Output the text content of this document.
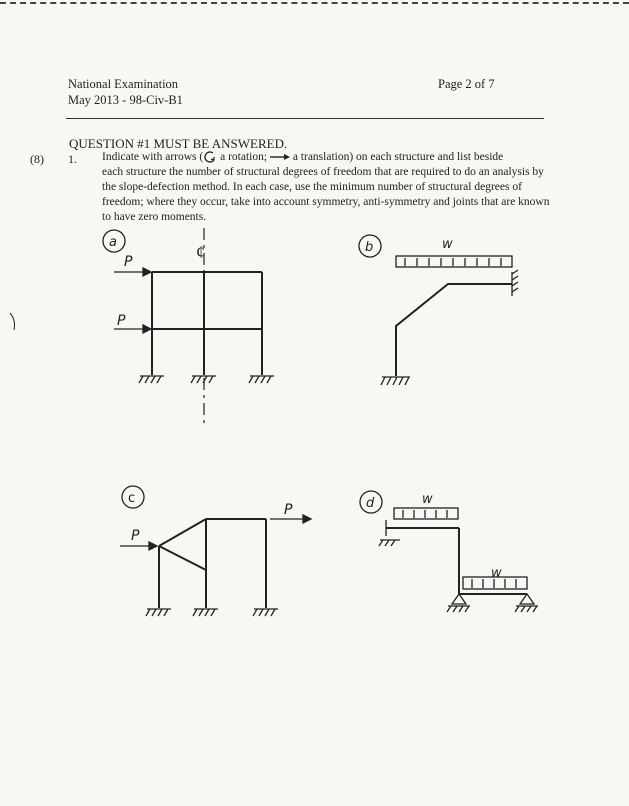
National Examination
May 2013 - 98-Civ-B1
Page 2 of 7
QUESTION #1 MUST BE ANSWERED.
(8) 1. Indicate with arrows ( a rotation;  a translation) on each structure and list beside
each structure the number of structural degrees of freedom that are required to do an analysis by the slope-defection method. In each case, use the minimum number of structural degrees of freedom; where they occur, take into account symmetry, anti-symmetry and joints that are known to have zero moments.
a	¢
P
P
b	w
c
P
P	d	w
w
